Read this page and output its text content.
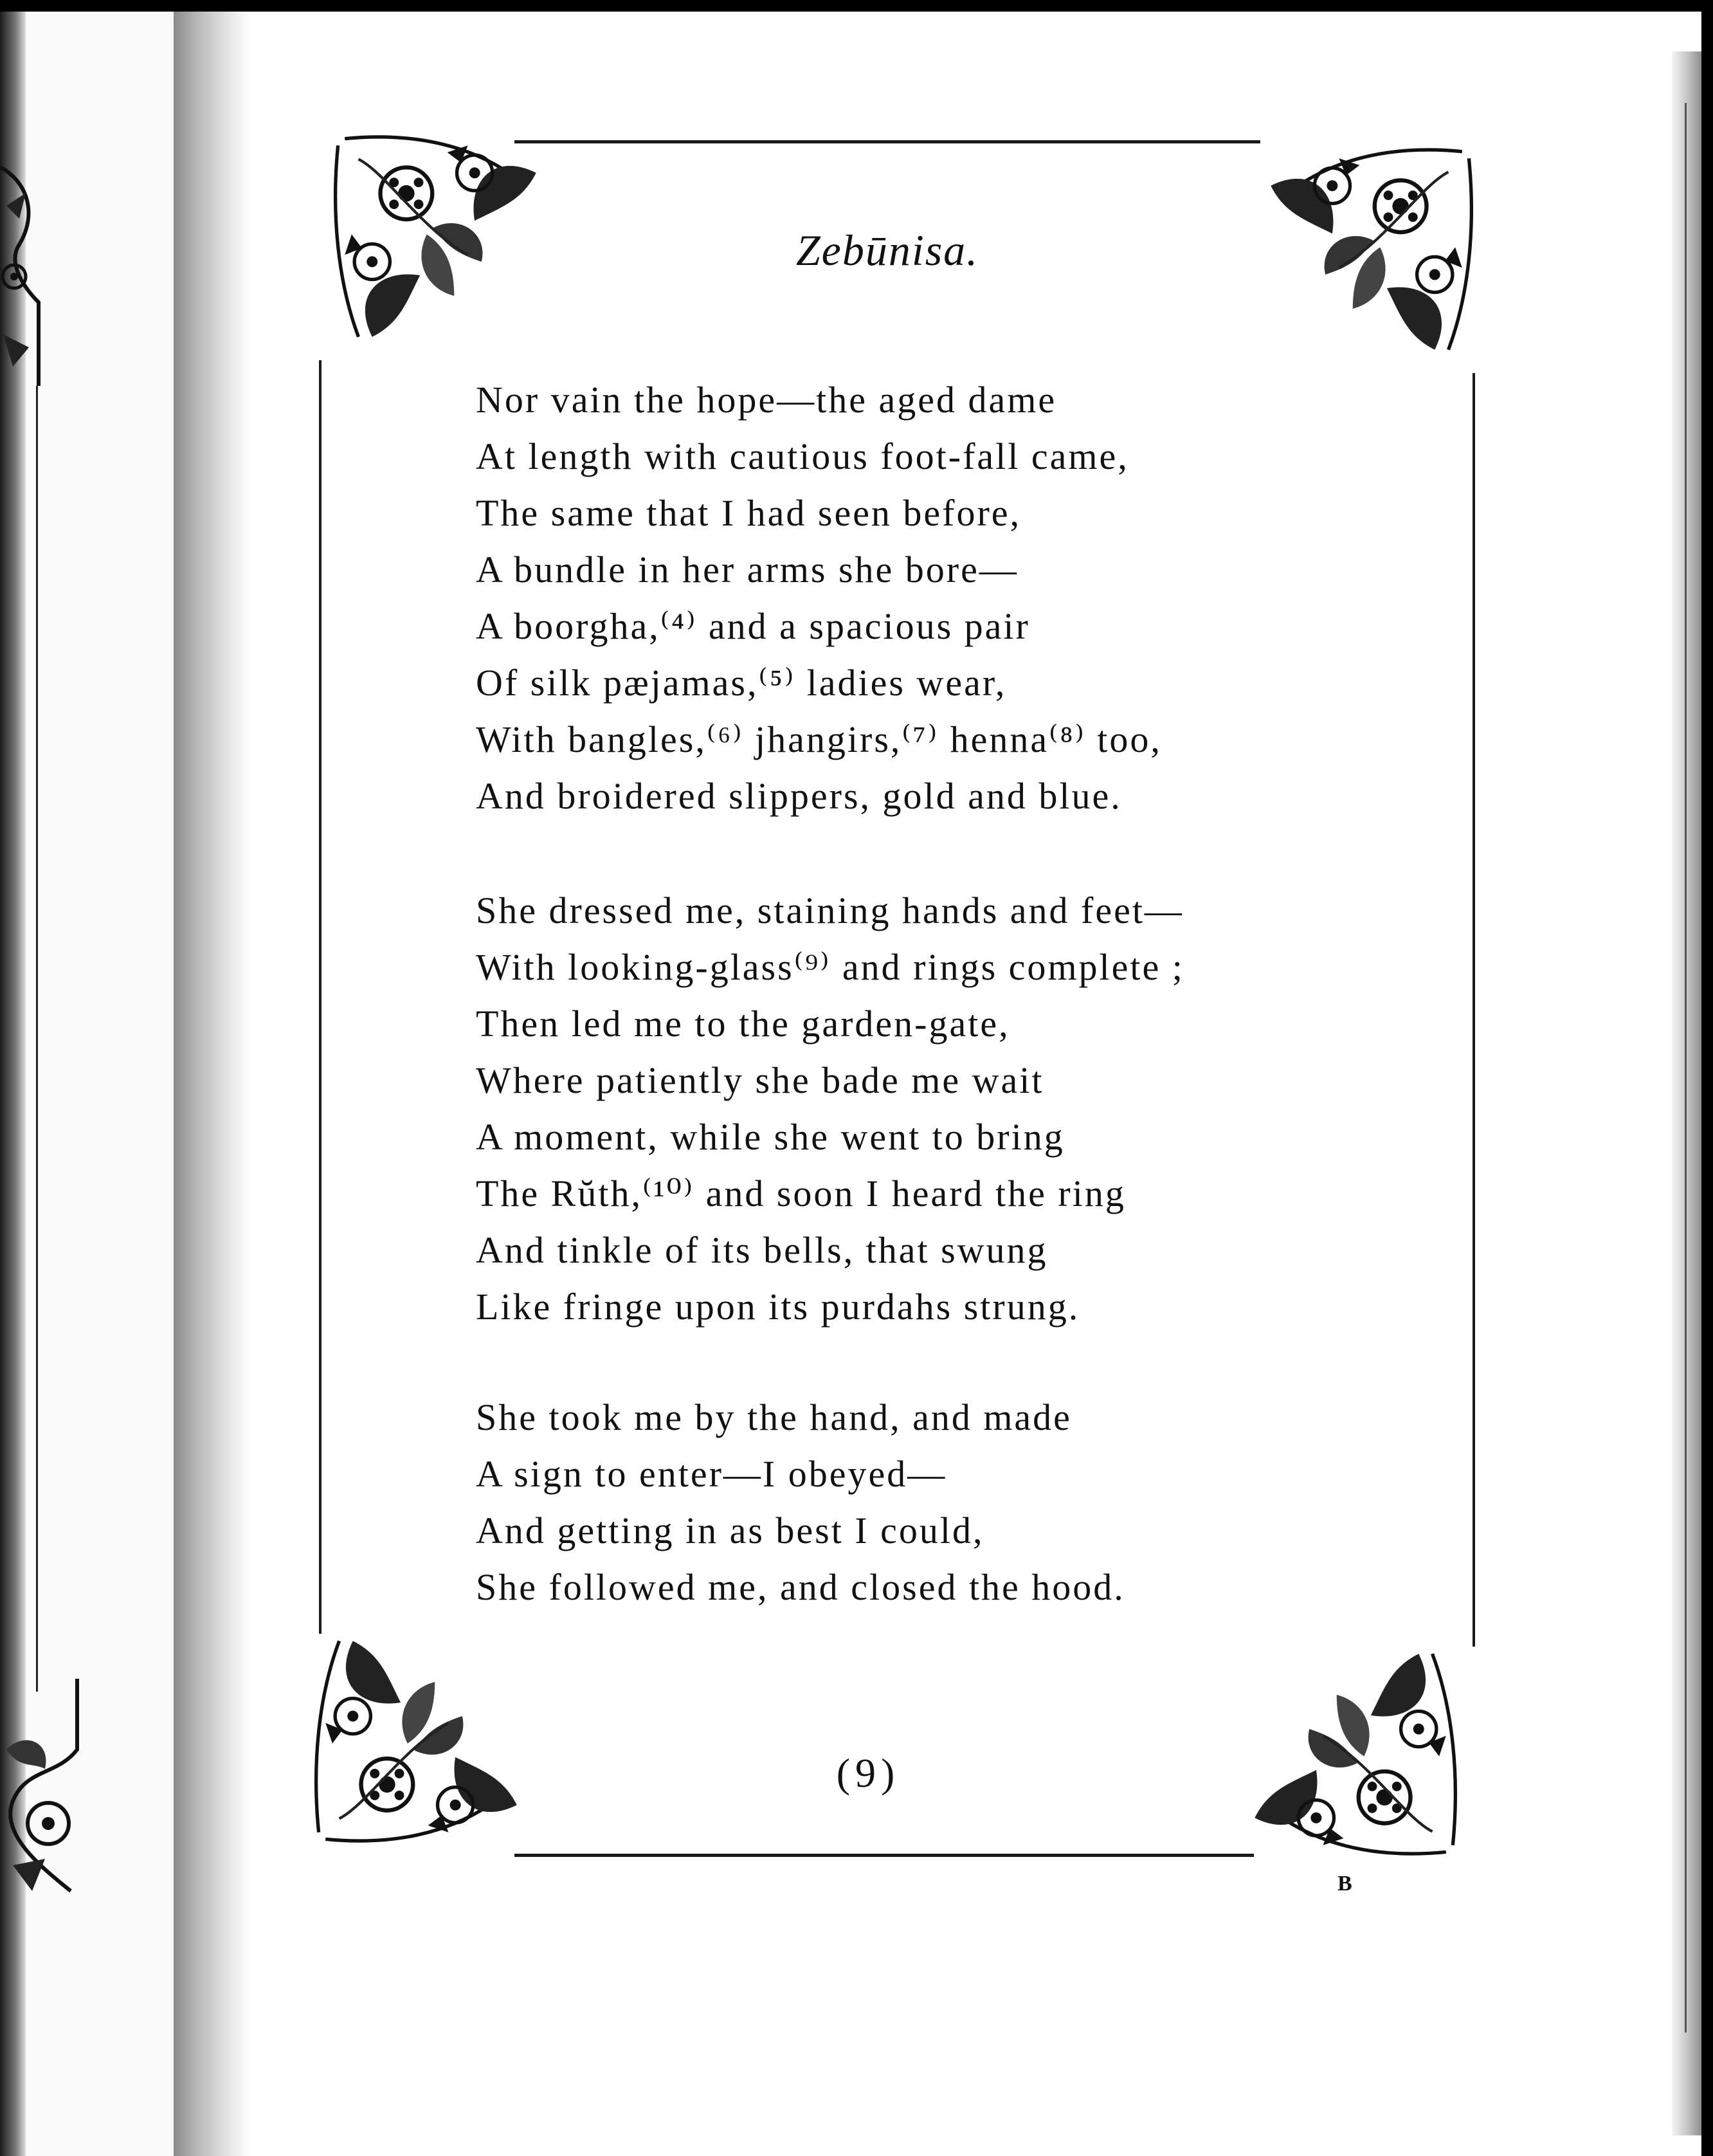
Zebūnisa.
Nor vain the hope—the aged dame
At length with cautious foot-fall came,
The same that I had seen before,
A bundle in her arms she bore—
A boorgha,⁽⁴⁾ and a spacious pair
Of silk pæjamas,⁽⁵⁾ ladies wear,
With bangles,⁽⁶⁾ jhangirs,⁽⁷⁾ henna⁽⁸⁾ too,
And broidered slippers, gold and blue.
She dressed me, staining hands and feet—
With looking-glass⁽⁹⁾ and rings complete ;
Then led me to the garden-gate,
Where patiently she bade me wait
A moment, while she went to bring
The Rŭth,⁽¹⁰⁾ and soon I heard the ring
And tinkle of its bells, that swung
Like fringe upon its purdahs strung.
She took me by the hand, and made
A sign to enter—I obeyed—
And getting in as best I could,
She followed me, and closed the hood.
(9)
B
